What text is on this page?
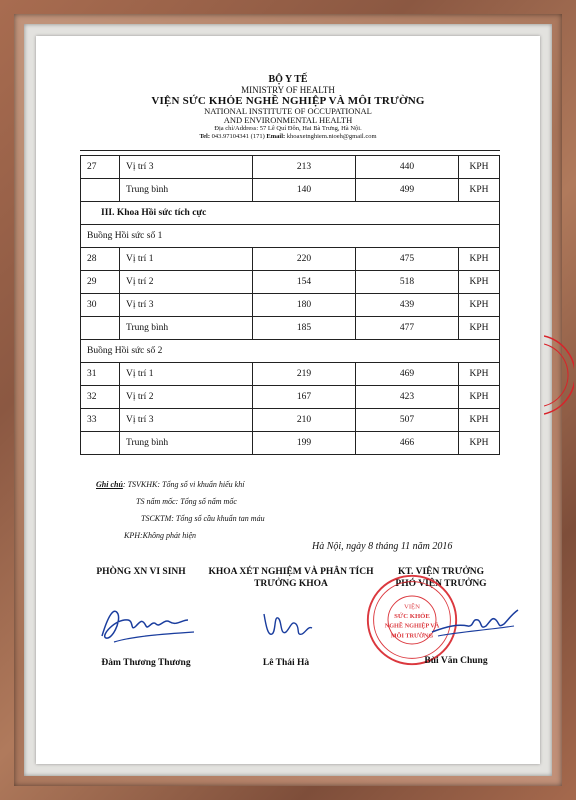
BỘ Y TẾ
MINISTRY OF HEALTH
VIỆN SỨC KHỎE NGHỀ NGHIỆP VÀ MÔI TRƯỜNG
NATIONAL INSTITUTE OF OCCUPATIONAL
AND ENVIRONMENTAL HEALTH
Địa chỉ/Address: 57 Lê Quí Đôn, Hai Bà Trưng, Hà Nội.
Tel: 043.97104341 (171) Email: khoaxetnghiem.nioeh@gmail.com
27	Vị trí 3	213	440	KPH
	Trung bình	140	499	KPH
III. Khoa Hồi sức tích cực				
Buồng Hồi sức số 1				
28	Vị trí 1	220	475	KPH
29	Vị trí 2	154	518	KPH
30	Vị trí 3	180	439	KPH
	Trung bình	185	477	KPH
Buồng Hồi sức số 2				
31	Vị trí 1	219	469	KPH
32	Vị trí 2	167	423	KPH
33	Vị trí 3	210	507	KPH
	Trung bình	199	466	KPH
Ghi chú: TSVKHK: Tổng số vi khuẩn hiếu khí
TS nấm mốc: Tổng số nấm mốc
TSCKTM: Tổng số cầu khuẩn tan máu
KPH:Không phát hiện
Hà Nội, ngày 8 tháng 11 năm 2016
PHÒNG XN VI SINH	KHOA XÉT NGHIỆM VÀ PHÂN TÍCH
TRƯỞNG KHOA
KT. VIỆN TRƯỞNG
PHÓ VIỆN TRƯỞNG
VIỆN
SỨC KHỎE
NGHỀ NGHIỆP VÀ
MÔI TRƯỜNG
Đàm Thương Thương	Lê Thái Hà	Bùi Văn Chung
